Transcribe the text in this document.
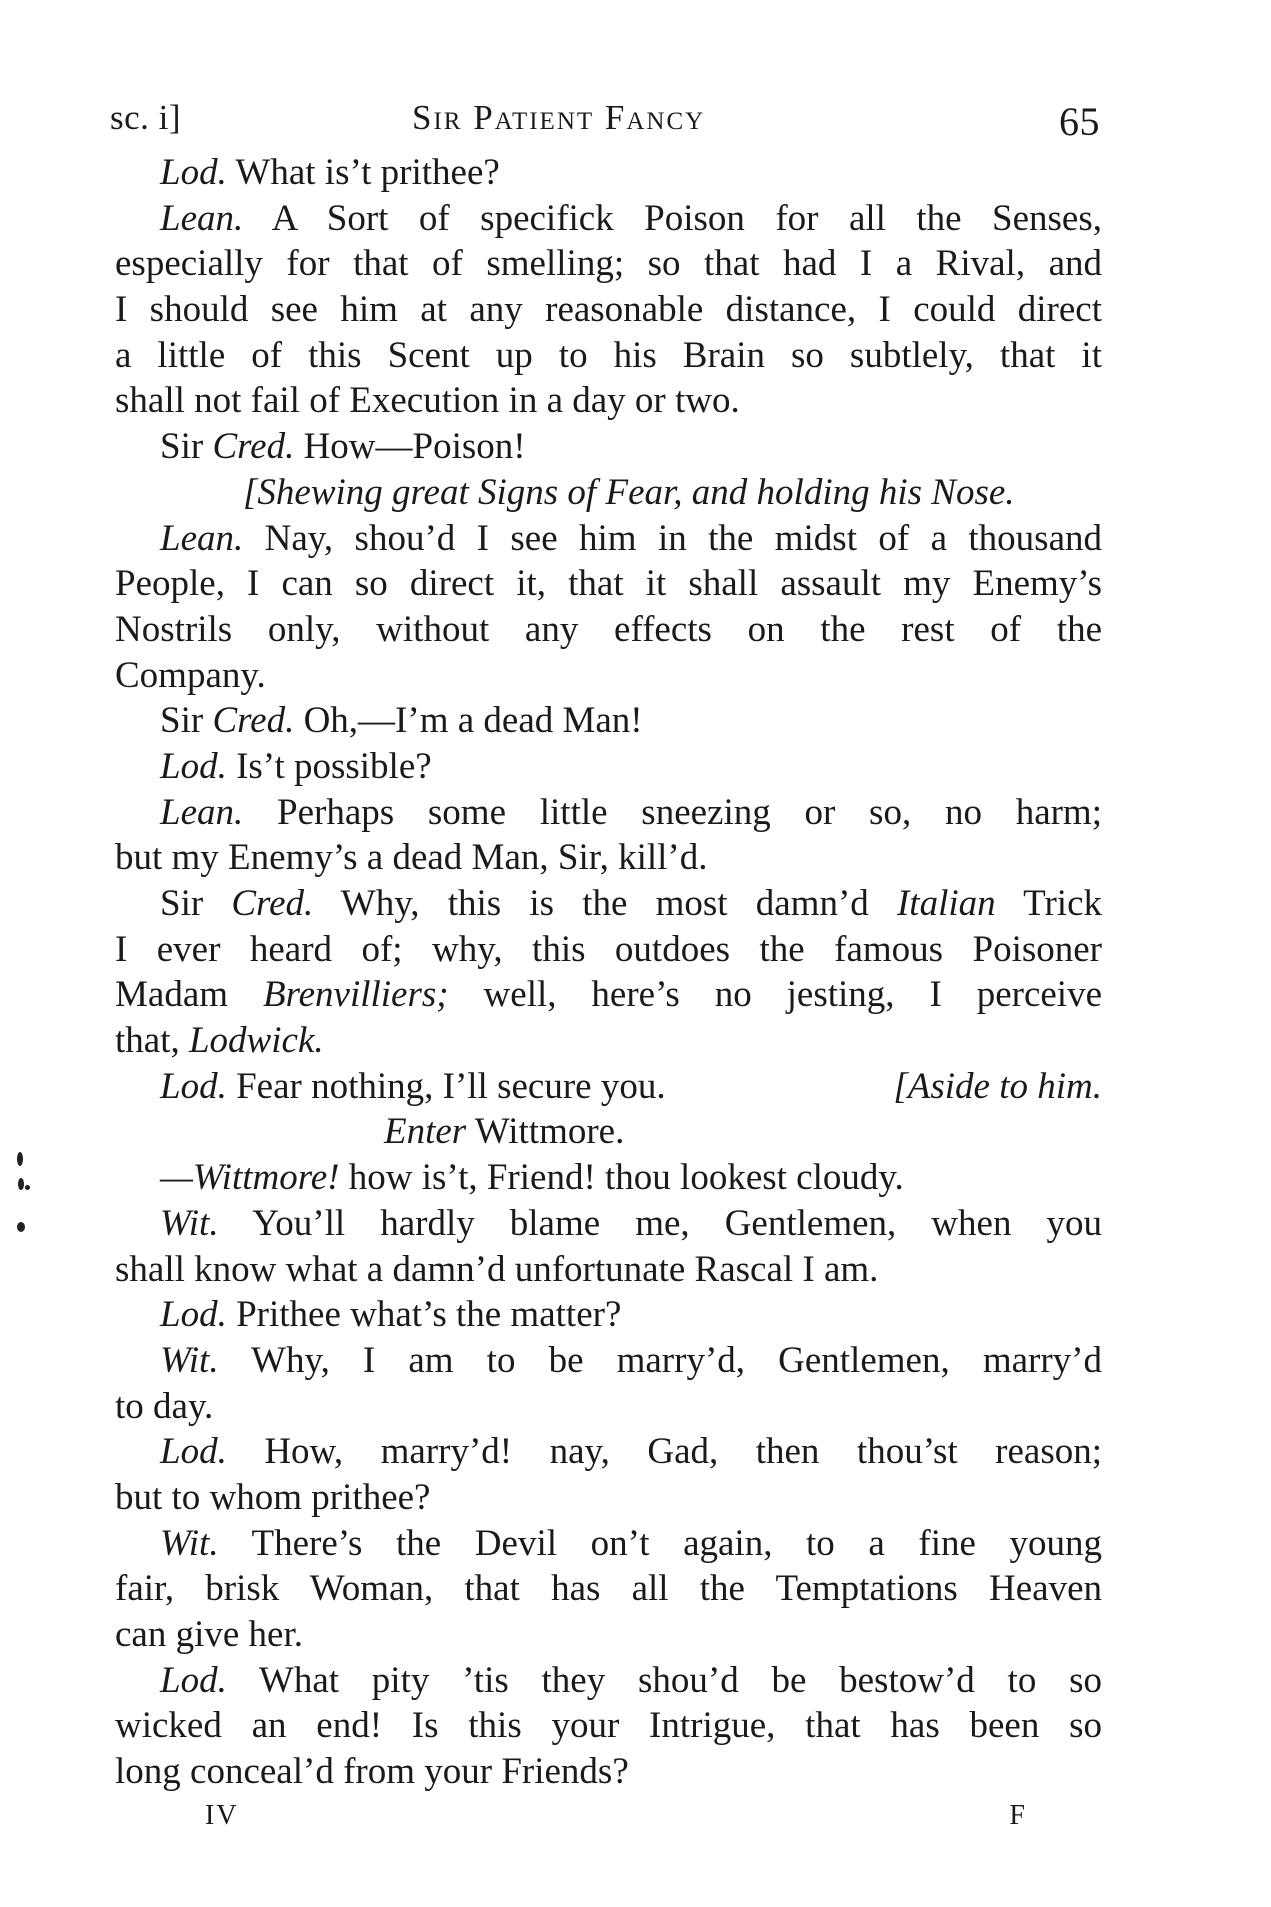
sc. i]	Sir Patient Fancy	65
Lod. What is’t prithee?
Lean. A Sort of specifick Poison for all the Senses,
especially for that of smelling; so that had I a Rival, and
I should see him at any reasonable distance, I could direct
a little of this Scent up to his Brain so subtlely, that it
shall not fail of Execution in a day or two.
Sir Cred. How—Poison!
[Shewing great Signs of Fear, and holding his Nose.
Lean. Nay, shou’d I see him in the midst of a thousand
People, I can so direct it, that it shall assault my Enemy’s
Nostrils only, without any effects on the rest of the
Company.
Sir Cred. Oh,—I’m a dead Man!
Lod. Is’t possible?
Lean. Perhaps some little sneezing or so, no harm;
but my Enemy’s a dead Man, Sir, kill’d.
Sir Cred. Why, this is the most damn’d Italian Trick
I ever heard of; why, this outdoes the famous Poisoner
Madam Brenvilliers; well, here’s no jesting, I perceive
that, Lodwick.
Lod. Fear nothing, I’ll secure you.	[Aside to him.
Enter Wittmore.
—Wittmore! how is’t, Friend! thou lookest cloudy.
Wit. You’ll hardly blame me, Gentlemen, when you
shall know what a damn’d unfortunate Rascal I am.
Lod. Prithee what’s the matter?
Wit. Why, I am to be marry’d, Gentlemen, marry’d
to day.
Lod. How, marry’d! nay, Gad, then thou’st reason;
but to whom prithee?
Wit. There’s the Devil on’t again, to a fine young
fair, brisk Woman, that has all the Temptations Heaven
can give her.
Lod. What pity ’tis they shou’d be bestow’d to so
wicked an end! Is this your Intrigue, that has been so
long conceal’d from your Friends?
IV	F
